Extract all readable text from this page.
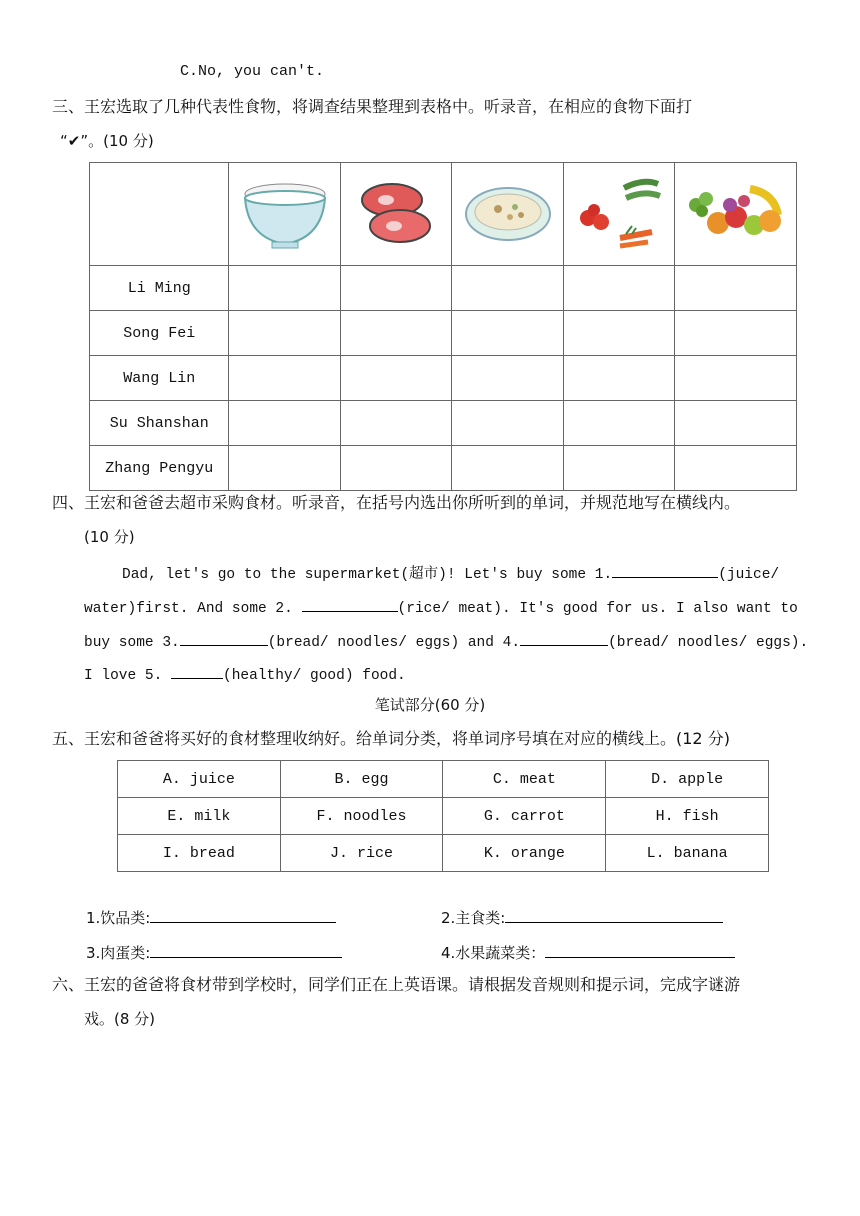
C.No, you can't.
三、王宏选取了几种代表性食物，将调查结果整理到表格中。听录音，在相应的食物下面打
“✔”。(10 分)

Li Ming					
Song Fei					
Wang Lin					
Su Shanshan					
Zhang Pengyu					
四、王宏和爸爸去超市采购食材。听录音，在括号内选出你所听到的单词，并规范地写在横线内。
(10 分)
Dad, let's go to the supermarket(超市)! Let's buy some 1.	(juice/
water)first. And some 2.	(rice/ meat). It's good for us. I also want to
buy some 3.	(bread/ noodles/ eggs) and 4.	(bread/ noodles/ eggs).
I love 5.	(healthy/ good) food.
笔试部分(60 分)
五、王宏和爸爸将买好的食材整理收纳好。给单词分类，将单词序号填在对应的横线上。(12 分)
A. juice	B. egg	C. meat	D. apple
E. milk	F. noodles	G. carrot	H. fish
I. bread	J. rice	K. orange	L. banana
1.饮品类:	2.主食类:
3.肉蛋类:	4.水果蔬菜类：
六、王宏的爸爸将食材带到学校时，同学们正在上英语课。请根据发音规则和提示词，完成字谜游
戏。(8 分)
